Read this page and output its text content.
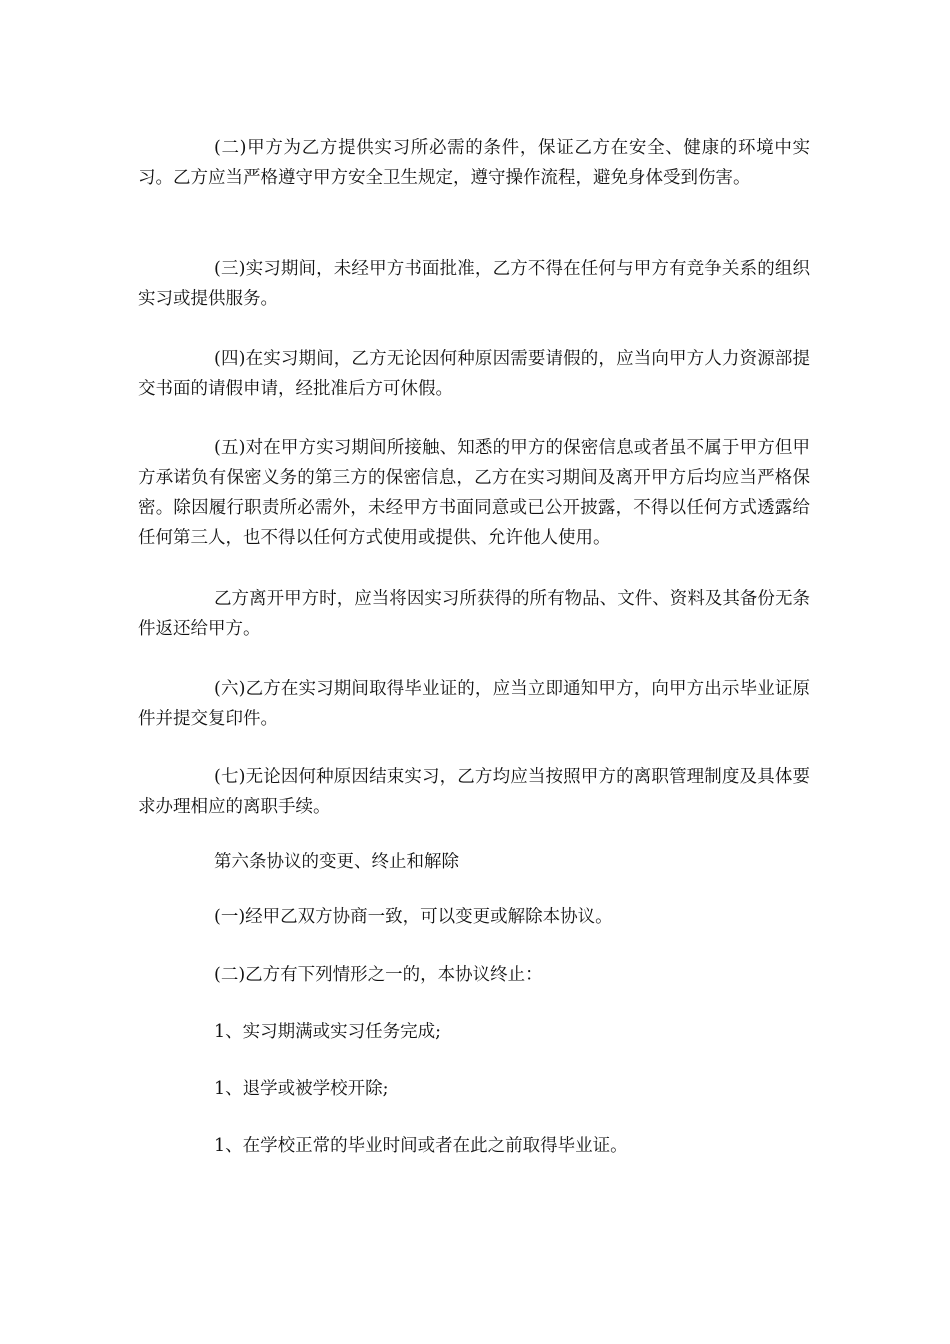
(二)甲方为乙方提供实习所必需的条件，保证乙方在安全、健康的环境中实习。乙方应当严格遵守甲方安全卫生规定，遵守操作流程，避免身体受到伤害。

(三)实习期间，未经甲方书面批准，乙方不得在任何与甲方有竞争关系的组织实习或提供服务。

(四)在实习期间，乙方无论因何种原因需要请假的，应当向甲方人力资源部提交书面的请假申请，经批准后方可休假。

(五)对在甲方实习期间所接触、知悉的甲方的保密信息或者虽不属于甲方但甲方承诺负有保密义务的第三方的保密信息，乙方在实习期间及离开甲方后均应当严格保密。除因履行职责所必需外，未经甲方书面同意或已公开披露，不得以任何方式透露给任何第三人，也不得以任何方式使用或提供、允许他人使用。

乙方离开甲方时，应当将因实习所获得的所有物品、文件、资料及其备份无条件返还给甲方。

(六)乙方在实习期间取得毕业证的，应当立即通知甲方，向甲方出示毕业证原件并提交复印件。

(七)无论因何种原因结束实习，乙方均应当按照甲方的离职管理制度及具体要求办理相应的离职手续。

第六条协议的变更、终止和解除

(一)经甲乙双方协商一致，可以变更或解除本协议。

(二)乙方有下列情形之一的，本协议终止：

1、实习期满或实习任务完成;

1、退学或被学校开除;

1、在学校正常的毕业时间或者在此之前取得毕业证。
